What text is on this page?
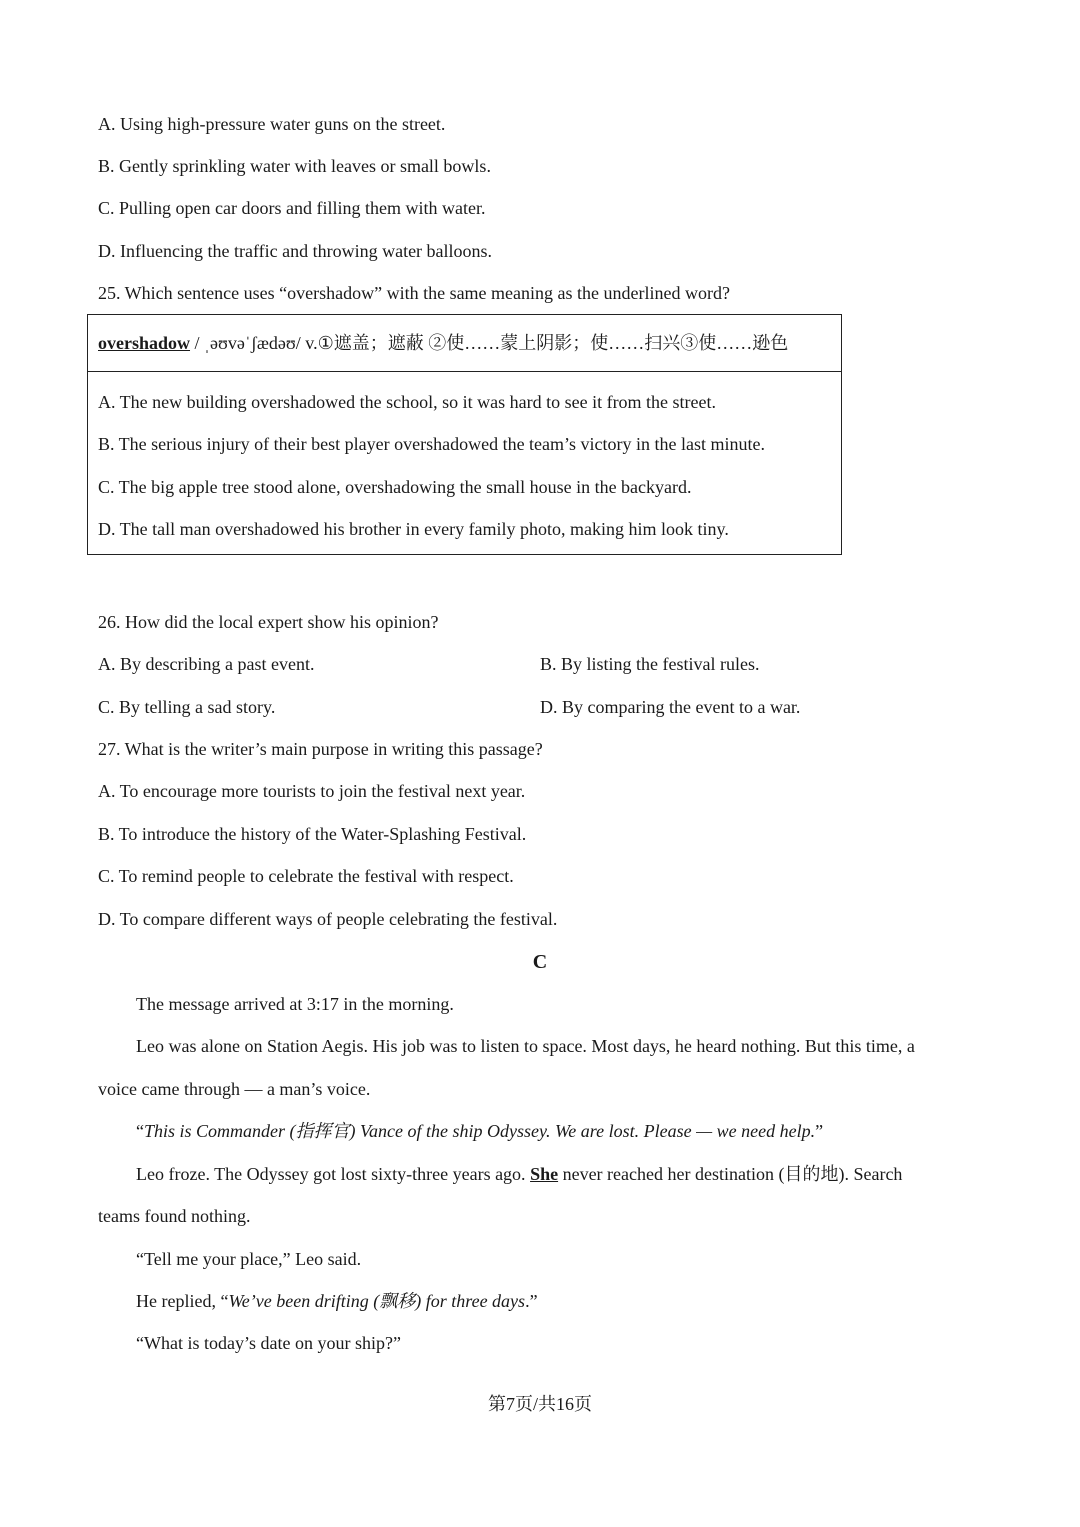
A. Using high-pressure water guns on the street.
B. Gently sprinkling water with leaves or small bowls.
C. Pulling open car doors and filling them with water.
D. Influencing the traffic and throwing water balloons.
25. Which sentence uses “overshadow” with the same meaning as the underlined word?
overshadow / ˌəʊvəˈʃædəʊ/ v.①遮盖；遮蔽 ②使……蒙上阴影；使……扫兴③使……逊色
A. The new building overshadowed the school, so it was hard to see it from the street.
B. The serious injury of their best player overshadowed the team’s victory in the last minute.
C. The big apple tree stood alone, overshadowing the small house in the backyard.
D. The tall man overshadowed his brother in every family photo, making him look tiny.
26. How did the local expert show his opinion?
A. By describing a past event.	B. By listing the festival rules.
C. By telling a sad story.	D. By comparing the event to a war.
27. What is the writer’s main purpose in writing this passage?
A. To encourage more tourists to join the festival next year.
B. To introduce the history of the Water-Splashing Festival.
C. To remind people to celebrate the festival with respect.
D. To compare different ways of people celebrating the festival.
C
The message arrived at 3:17 in the morning.
Leo was alone on Station Aegis. His job was to listen to space. Most days, he heard nothing. But this time, a
voice came through — a man’s voice.
“This is Commander (指挥官) Vance of the ship Odyssey. We are lost. Please — we need help.”
Leo froze. The Odyssey got lost sixty-three years ago. She never reached her destination (目的地). Search
teams found nothing.
“Tell me your place,” Leo said.
He replied, “We’ve been drifting (飘移) for three days.”
“What is today’s date on your ship?”
第7页/共16页
